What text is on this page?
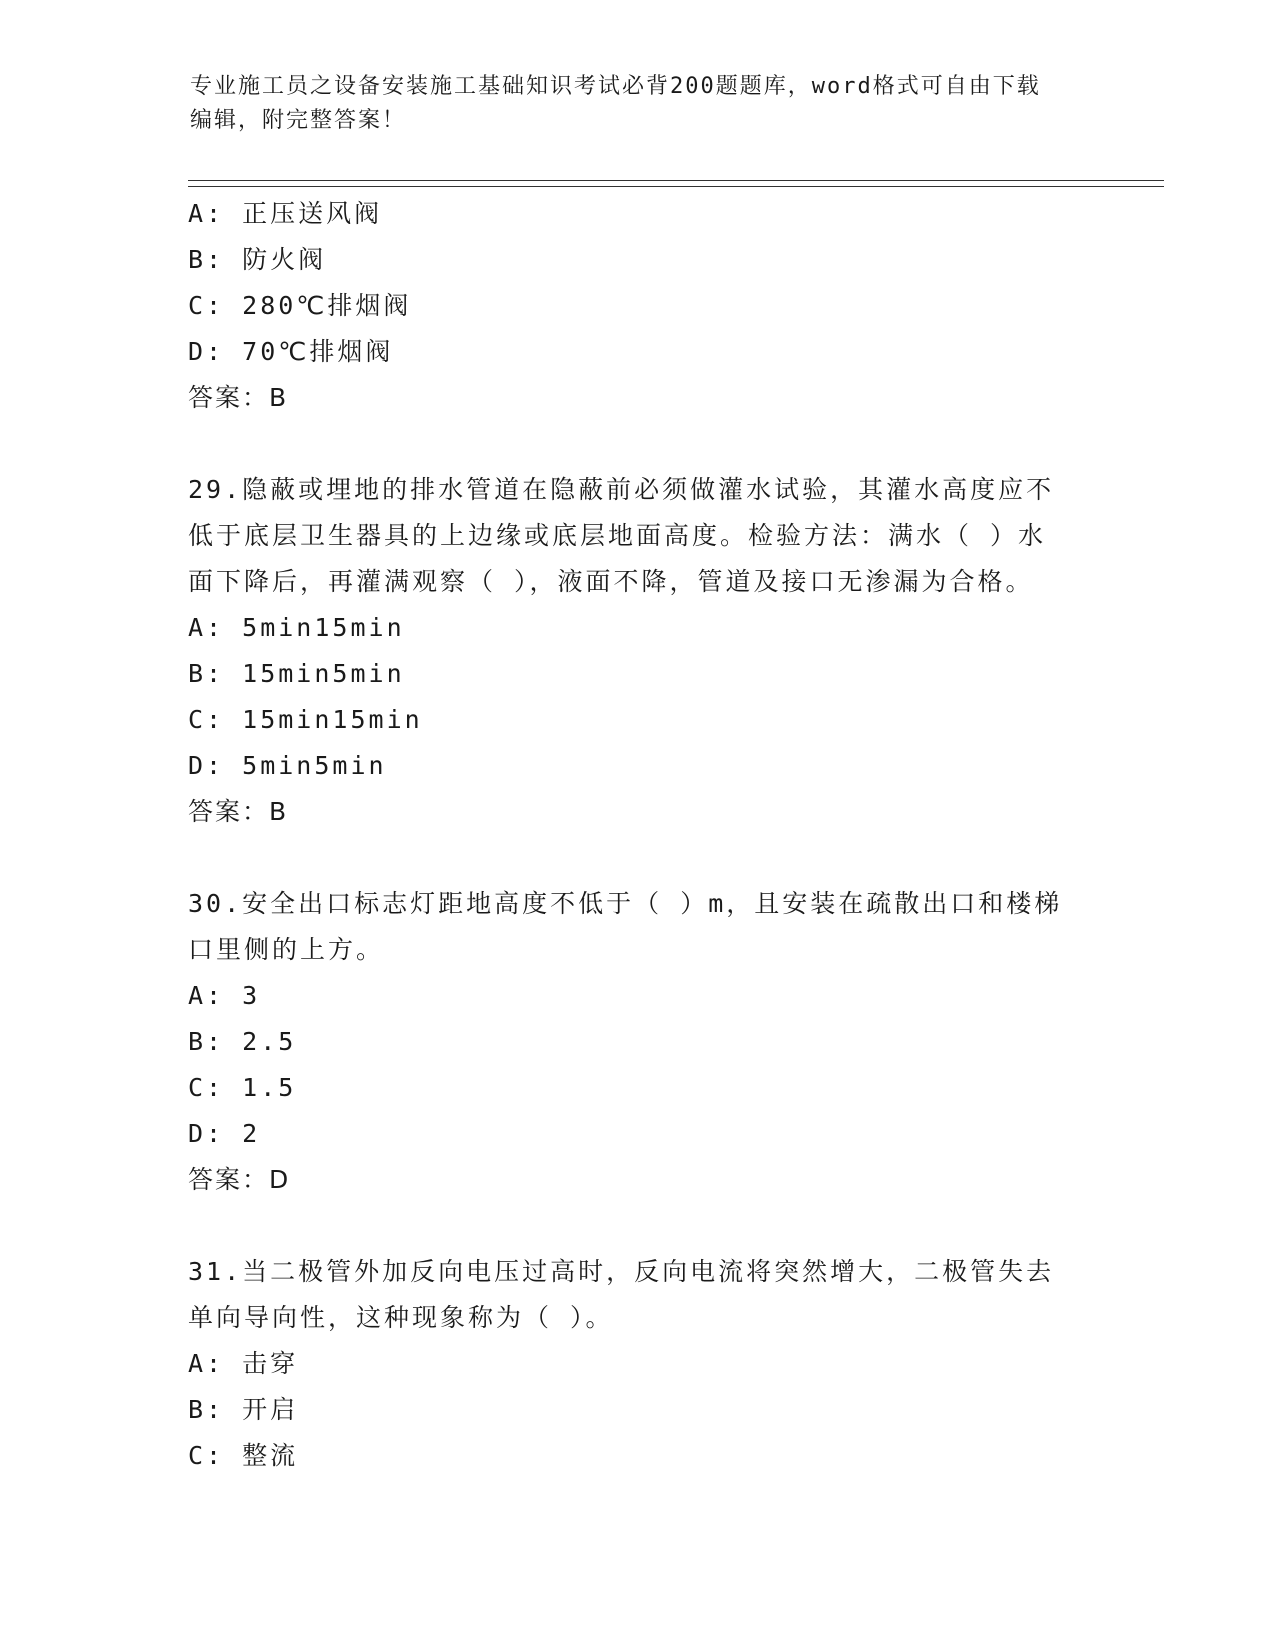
专业施工员之设备安装施工基础知识考试必背200题题库，word格式可自由下载
编辑，附完整答案！
A: 正压送风阀
B: 防火阀
C: 280℃排烟阀
D: 70℃排烟阀
答案：B
29.隐蔽或埋地的排水管道在隐蔽前必须做灌水试验，其灌水高度应不
低于底层卫生器具的上边缘或底层地面高度。检验方法：满水（ ）水
面下降后，再灌满观察（ ），液面不降，管道及接口无渗漏为合格。
A: 5min15min
B: 15min5min
C: 15min15min
D: 5min5min
答案：B
30.安全出口标志灯距地高度不低于（ ）m，且安装在疏散出口和楼梯
口里侧的上方。
A: 3
B: 2.5
C: 1.5
D: 2
答案：D
31.当二极管外加反向电压过高时，反向电流将突然增大，二极管失去
单向导向性，这种现象称为（ ）。
A: 击穿
B: 开启
C: 整流
